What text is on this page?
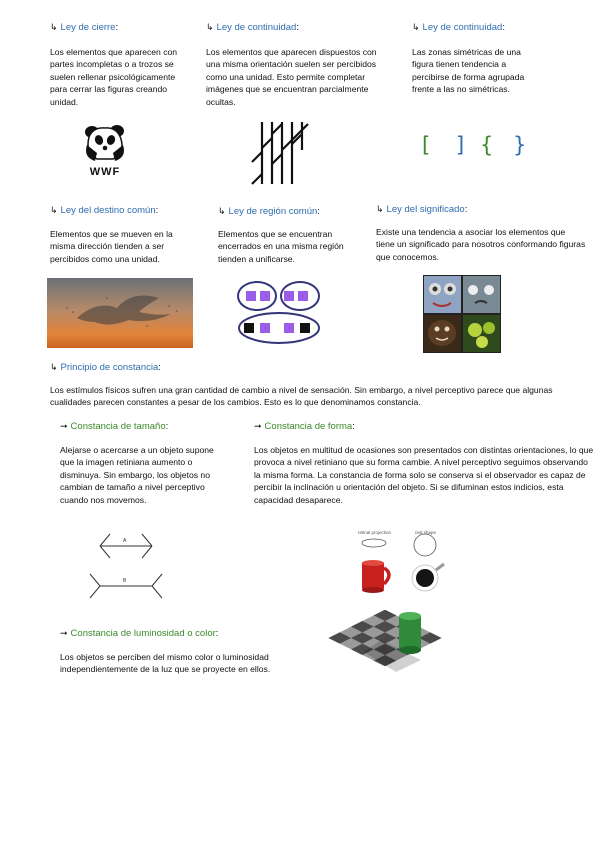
↳ Ley de cierre:
Los elementos que aparecen con partes incompletas o a trozos se suelen rellenar psicológicamente para cerrar las figuras creando unidad.
WWF
↳ Ley de continuidad:
Los elementos que aparecen dispuestos con una misma orientación suelen ser percibidos como una unidad. Esto permite completar imágenes que se encuentran parcialmente ocultas.
↳ Ley de continuidad:
Las zonas simétricas de una figura tienen tendencia a percibirse de forma agrupada frente a las no simétricas.
[ ] { }
↳ Ley del destino común:
Elementos que se mueven en la misma dirección tienden a ser percibidos como una unidad.
↳ Ley de región común:
Elementos que se encuentran encerrados en una misma región tienden a unificarse.
↳ Ley del significado:
Existe una tendencia a asociar los elementos que tiene un significado para nosotros conformando figuras que conocemos.
↳ Principio de constancia:
Los estímulos físicos sufren una gran cantidad de cambio a nivel de sensación. Sin embargo, a nivel perceptivo parece que algunas cualidades parecen constantes a pesar de los cambios. Esto es lo que denominamos constancia.
➞ Constancia de tamaño:
Alejarse o acercarse a un objeto supone que la imagen retiniana aumento o disminuya. Sin embargo, los objetos no cambian de tamaño a nivel perceptivo cuando nos movemos.
A
B
➞ Constancia de forma:
Los objetos en multitud de ocasiones son presentados con distintas orientaciones, lo que provoca a nivel retiniano que su forma cambie. A nivel perceptivo seguimos observando la misma forma. La constancia de forma solo se conserva si el observador es capaz de percibir la inclinación u orientación del objeto. Si se difuminan estos indicios, esta capacidad desaparece.
retinal projection	real shape
➞ Constancia de luminosidad o color:
Los objetos se perciben del mismo color o luminosidad independientemente de la luz que se proyecte en ellos.
